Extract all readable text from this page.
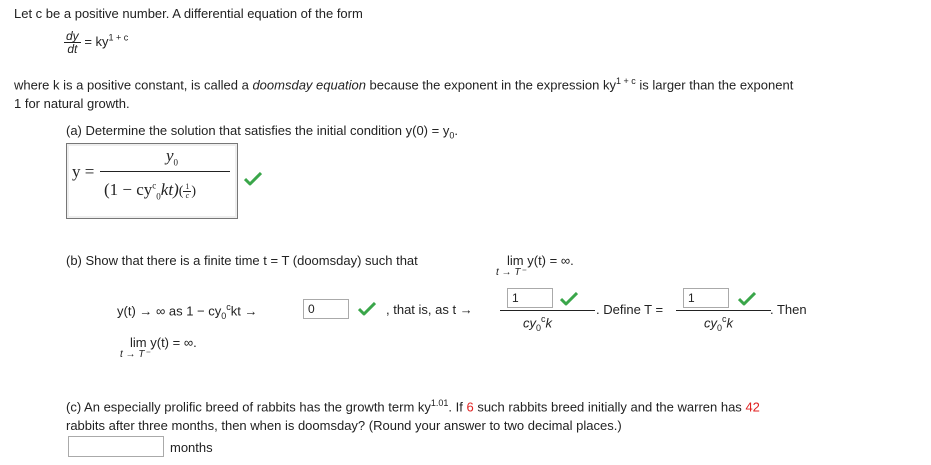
Let c be a positive number. A differential equation of the form
$\frac{dy}{dt} = ky^{1 + c}$
where k is a positive constant, is called a doomsday equation because the exponent in the expression $ky^{1 + c}$ is larger than the exponent
1 for natural growth.
(a) Determine the solution that satisfies the initial condition $y(0) = y_0$.
y =
$y_0$
$(1 - cy^c_0kt)( \frac{1}{c}$ )
(b) Show that there is a finite time t = T (doomsday) such that	lim y(t) = ∞.
t → T⁻
y(t) → ∞ as $1 - cy_0^ckt$ →	0	, that is, as t →
1
$cy_0^ck$
. Define T =
1
$cy_0^ck$
. Then
lim y(t) = ∞.
t → T⁻
(c) An especially prolific breed of rabbits has the growth term $ky^{1.01}$. If 6 such rabbits breed initially and the warren has 42
rabbits after three months, then when is doomsday? (Round your answer to two decimal places.)
months
